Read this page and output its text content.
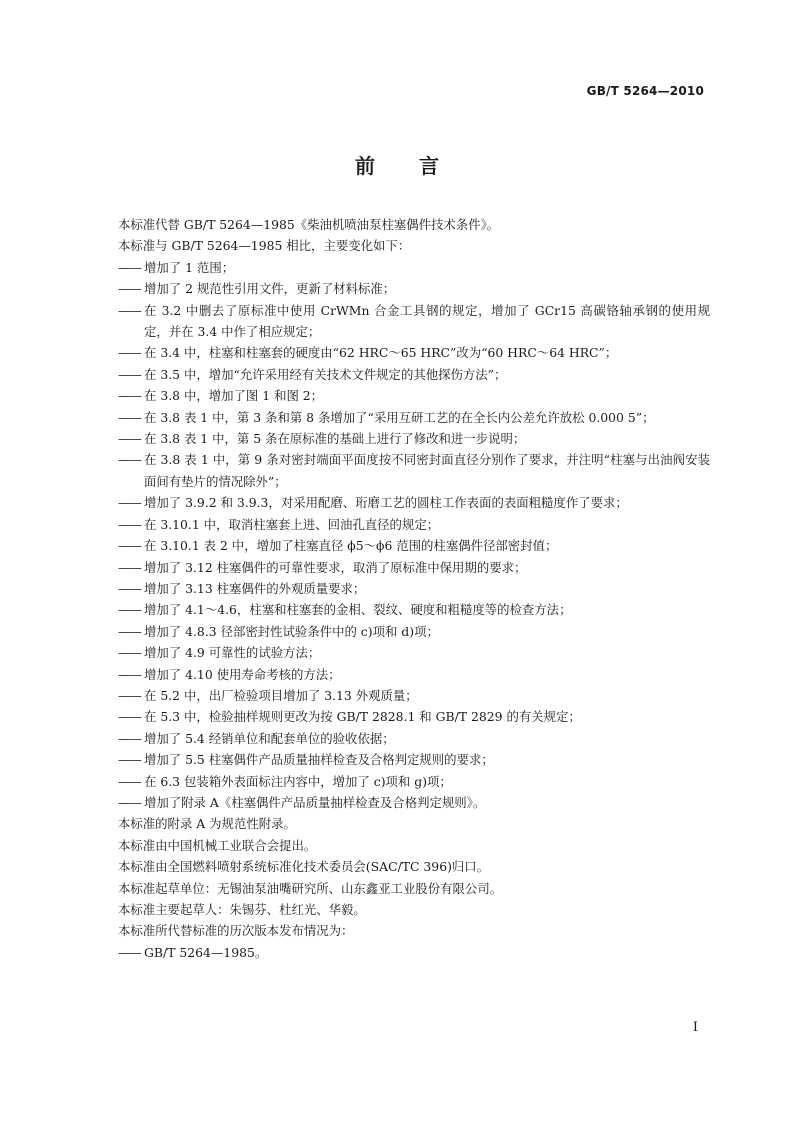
GB/T 5264—2010
前言

本标准代替 GB/T 5264—1985《柴油机喷油泵柱塞偶件技术条件》。

本标准与 GB/T 5264—1985 相比，主要变化如下：

—— 增加了 1 范围；
—— 增加了 2 规范性引用文件，更新了材料标准；
—— 在 3.2 中删去了原标准中使用 CrWMn 合金工具钢的规定，增加了 GCr15 高碳铬轴承钢的使用规定，并在 3.4 中作了相应规定；
—— 在 3.4 中，柱塞和柱塞套的硬度由“62 HRC～65 HRC”改为“60 HRC～64 HRC”；
—— 在 3.5 中，增加“允许采用经有关技术文件规定的其他探伤方法”；
—— 在 3.8 中，增加了图 1 和图 2；
—— 在 3.8 表 1 中，第 3 条和第 8 条增加了“采用互研工艺的在全长内公差允许放松 0.000 5”；
—— 在 3.8 表 1 中，第 5 条在原标准的基础上进行了修改和进一步说明；
—— 在 3.8 表 1 中，第 9 条对密封端面平面度按不同密封面直径分别作了要求，并注明“柱塞与出油阀安装面间有垫片的情况除外”；
—— 增加了 3.9.2 和 3.9.3，对采用配磨、珩磨工艺的圆柱工作表面的表面粗糙度作了要求；
—— 在 3.10.1 中，取消柱塞套上进、回油孔直径的规定；
—— 在 3.10.1 表 2 中，增加了柱塞直径 ϕ5～ϕ6 范围的柱塞偶件径部密封值；
—— 增加了 3.12 柱塞偶件的可靠性要求，取消了原标准中保用期的要求；
—— 增加了 3.13 柱塞偶件的外观质量要求；
—— 增加了 4.1～4.6，柱塞和柱塞套的金相、裂纹、硬度和粗糙度等的检查方法；
—— 增加了 4.8.3 径部密封性试验条件中的 c)项和 d)项；
—— 增加了 4.9 可靠性的试验方法；
—— 增加了 4.10 使用寿命考核的方法；
—— 在 5.2 中，出厂检验项目增加了 3.13 外观质量；
—— 在 5.3 中，检验抽样规则更改为按 GB/T 2828.1 和 GB/T 2829 的有关规定；
—— 增加了 5.4 经销单位和配套单位的验收依据；
—— 增加了 5.5 柱塞偶件产品质量抽样检查及合格判定规则的要求；
—— 在 6.3 包装箱外表面标注内容中，增加了 c)项和 g)项；
—— 增加了附录 A《柱塞偶件产品质量抽样检查及合格判定规则》。

本标准的附录 A 为规范性附录。

本标准由中国机械工业联合会提出。

本标准由全国燃料喷射系统标准化技术委员会(SAC/TC 396)归口。

本标准起草单位：无锡油泵油嘴研究所、山东鑫亚工业股份有限公司。

本标准主要起草人：朱锡芬、杜红光、华毅。

本标准所代替标准的历次版本发布情况为：

—— GB/T 5264—1985。
I
